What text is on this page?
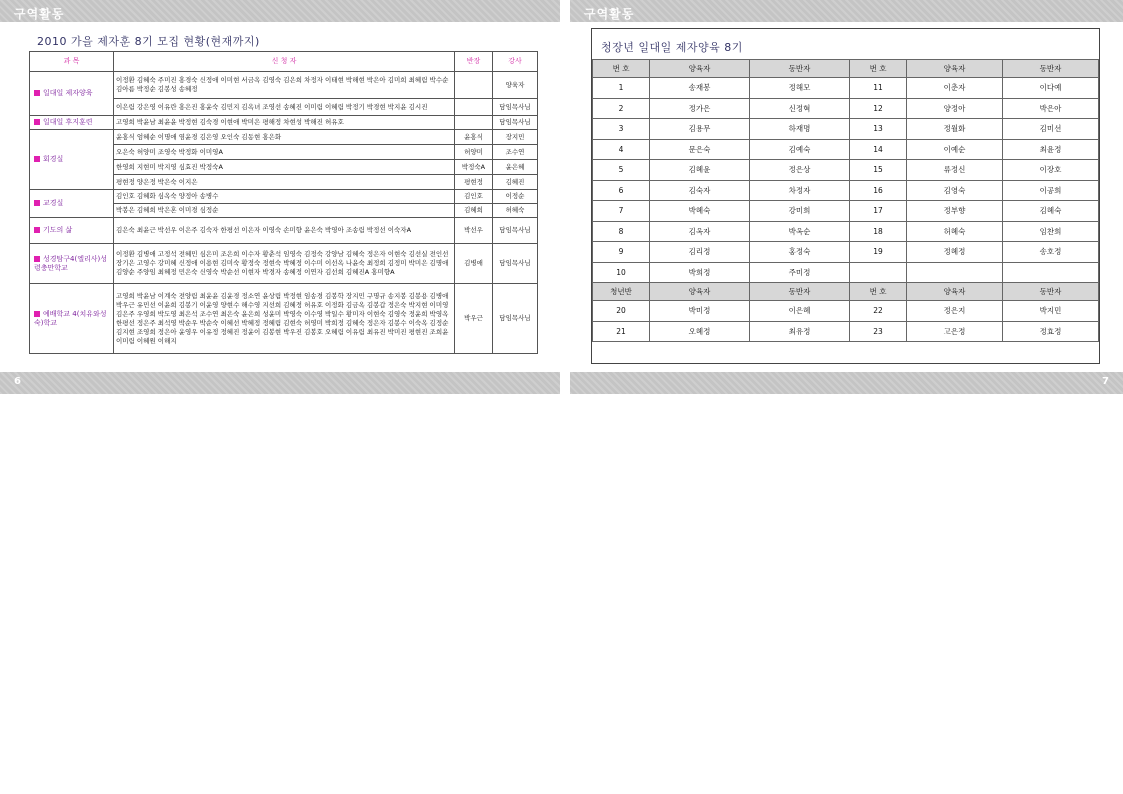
구역활동	구역활동
2010 가을 제자훈 8기 모집 현황(현재까지)
과 목	신 청 자	반장	강사
일대일 제자양육	이정환 김혜숙 주미진 홍경숙 신정애 이미현 서금옥 김영숙 김은희 차정자 이태현 박해현 박은아 김미희 최혜림 박수순 김아름 박정순 김봉성 송혜정		양육자
	이은림 강은영 이유란 홍은진 홍윤숙 김민지 김옥녀 조영선 송혜진 이미림 이혜림 박정기 박경현 박지윤 김시진		담임목사님
일대일 후지훈련	고영희 박윤남 최윤윤 박정현 김숙경 이현애 박미은 평해정 차현성 박해진 허유호		담임목사님
회경실	윤홍식 엄혜순 이명애 염윤경 김은영 오인숙 김동현 홍은화	윤홍식	장지민
	오은숙 허양미 조영숙 박정화 이미영A	허양미	조수연
	한영희 지현미 박지영 심효진 박정숙A	박정숙A	윤은혜
	평현정 양은정 박은숙 이지은	평현정	김혜진
교경실	김인호 김혜화 심옥숙 양정아 송병수	김인호	이정순
	박봉은 김혜희 박은혼 이미경 심정순	김혜희	허혜숙
기도의 삶	김은숙 최윤근 박선우 이은주 김숙자 한평선 이은자 이영숙 손미향 윤은숙 박영아 조송림 박정선 이숙자A	박선우	담임목사님
성경탐구4(엘리사)성령충만학교	이정환 김병애 고정석 전혜민 심은미 조은희 이수자 황춘석 임영숙 김정숙 강양남 김혜숙 정은자 이현숙 김선실 전인선 장기은 고영수 강미혜 신정애 이용현 김미숙 황정숙 정현숙 박혜정 이수미 이선옥 나윤숙 최정희 김정미 박미은 김명애 김양순 주양임 최혜정 민은숙 신영숙 박순선 이현자 박경자 송혜정 이연자 김선희 김혜진A 홍미향A	김병애	담임목사님
예배학교 4(치유와성숙)학교	고영희 박윤남 이계숙 전양림 최윤윤 김윤경 정소연 윤상림 박정현 임송경 김봉학 장지민 구명규 송지봉 김봉용 김병애 박우근 유민선 이윤희 김봉기 이윤영 양현수 해수영 지선희 김혜정 허유호 이정화 김금옥 김봉갑 정은숙 박지현 이미영 김은주 우영희 박도영 최은석 조수연 최은숙 윤은희 성윤미 박영숙 이수영 박일수 황미자 이현숙 김영숙 정윤희 박영옥 한평선 정은주 최석영 박순우 박순숙 이혜선 박혜정 정혜림 김현숙 허영미 박희정 김혜숙 정은자 김봉수 이숙옥 김정순 김지현 조영희 정은아 윤영우 이유정 정혜진 정윤이 김봉현 박우진 김봉호 오혜림 이유림 최유진 박미진 평현진 조희윤 이미림 이혜원 이해지	박우근	담임목사님
청장년 일대일 제자양육 8기
번 호	양육자	동반자	번 호	양육자	동반자
1	송재봉	정해모	11	이춘자	이다예
2	정가은	신정혁	12	양정아	박은아
3	김용무	하재명	13	정월화	김미선
4	문은숙	김예숙	14	이예순	최윤정
5	김혜윤	정은상	15	류정신	이장호
6	김숙자	차정자	16	김영숙	이공희
7	박혜숙	강미희	17	정부향	김혜숙
8	김옥자	박옥순	18	허혜숙	임찬희
9	김리정	홍정숙	19	정혜정	송호정
10	박희정	주미정			
청년반	양육자	동반자	번 호	양육자	동반자
20	박미정	이은혜	22	정은지	박지민
21	오혜정	최유정	23	고은정	정효정
6	7
